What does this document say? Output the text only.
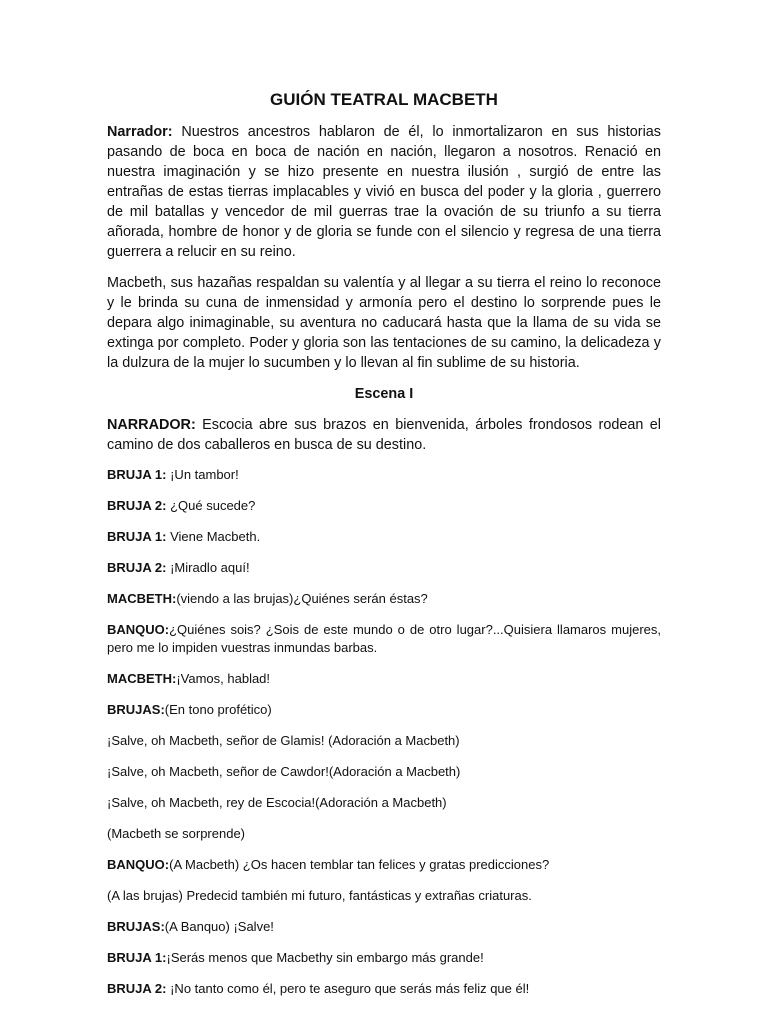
GUIÓN TEATRAL MACBETH

Narrador: Nuestros ancestros hablaron de él, lo inmortalizaron en sus historias pasando de boca en boca de nación en nación, llegaron a nosotros. Renació en nuestra imaginación y se hizo presente en nuestra ilusión , surgió de entre las entrañas de estas tierras implacables y vivió en busca del poder y la gloria , guerrero de mil batallas y vencedor de mil guerras trae la ovación de su triunfo a su tierra añorada, hombre de honor y de gloria se funde con el silencio y regresa de una tierra guerrera a relucir en su reino.

Macbeth, sus hazañas respaldan su valentía y al llegar a su tierra el reino lo reconoce y le brinda su cuna de inmensidad y armonía pero el destino lo sorprende pues le depara algo inimaginable, su aventura no caducará hasta que la llama de su vida se extinga por completo. Poder y gloria son las tentaciones de su camino, la delicadeza y la dulzura de la mujer lo sucumben y lo llevan al fin sublime de su historia.

Escena I

NARRADOR: Escocia abre sus brazos en bienvenida, árboles frondosos rodean el camino de dos caballeros en busca de su destino.

BRUJA 1: ¡Un tambor!

BRUJA 2: ¿Qué sucede?

BRUJA 1: Viene Macbeth.

BRUJA 2: ¡Miradlo aquí!

MACBETH:(viendo a las brujas)¿Quiénes serán éstas?

BANQUO:¿Quiénes sois? ¿Sois de este mundo o de otro lugar?...Quisiera llamaros mujeres, pero me lo impiden vuestras inmundas barbas.

MACBETH:¡Vamos, hablad!

BRUJAS:(En tono profético)

¡Salve, oh Macbeth, señor de Glamis! (Adoración a Macbeth)

¡Salve, oh Macbeth, señor de Cawdor!(Adoración a Macbeth)

¡Salve, oh Macbeth, rey de Escocia!(Adoración a Macbeth)

(Macbeth se sorprende)

BANQUO:(A Macbeth) ¿Os hacen temblar tan felices y gratas predicciones?

(A las brujas) Predecid también mi futuro, fantásticas y extrañas criaturas.

BRUJAS:(A Banquo) ¡Salve!

BRUJA 1:¡Serás menos que Macbethy sin embargo más grande!

BRUJA 2: ¡No tanto como él, pero te aseguro que serás más feliz que él!
